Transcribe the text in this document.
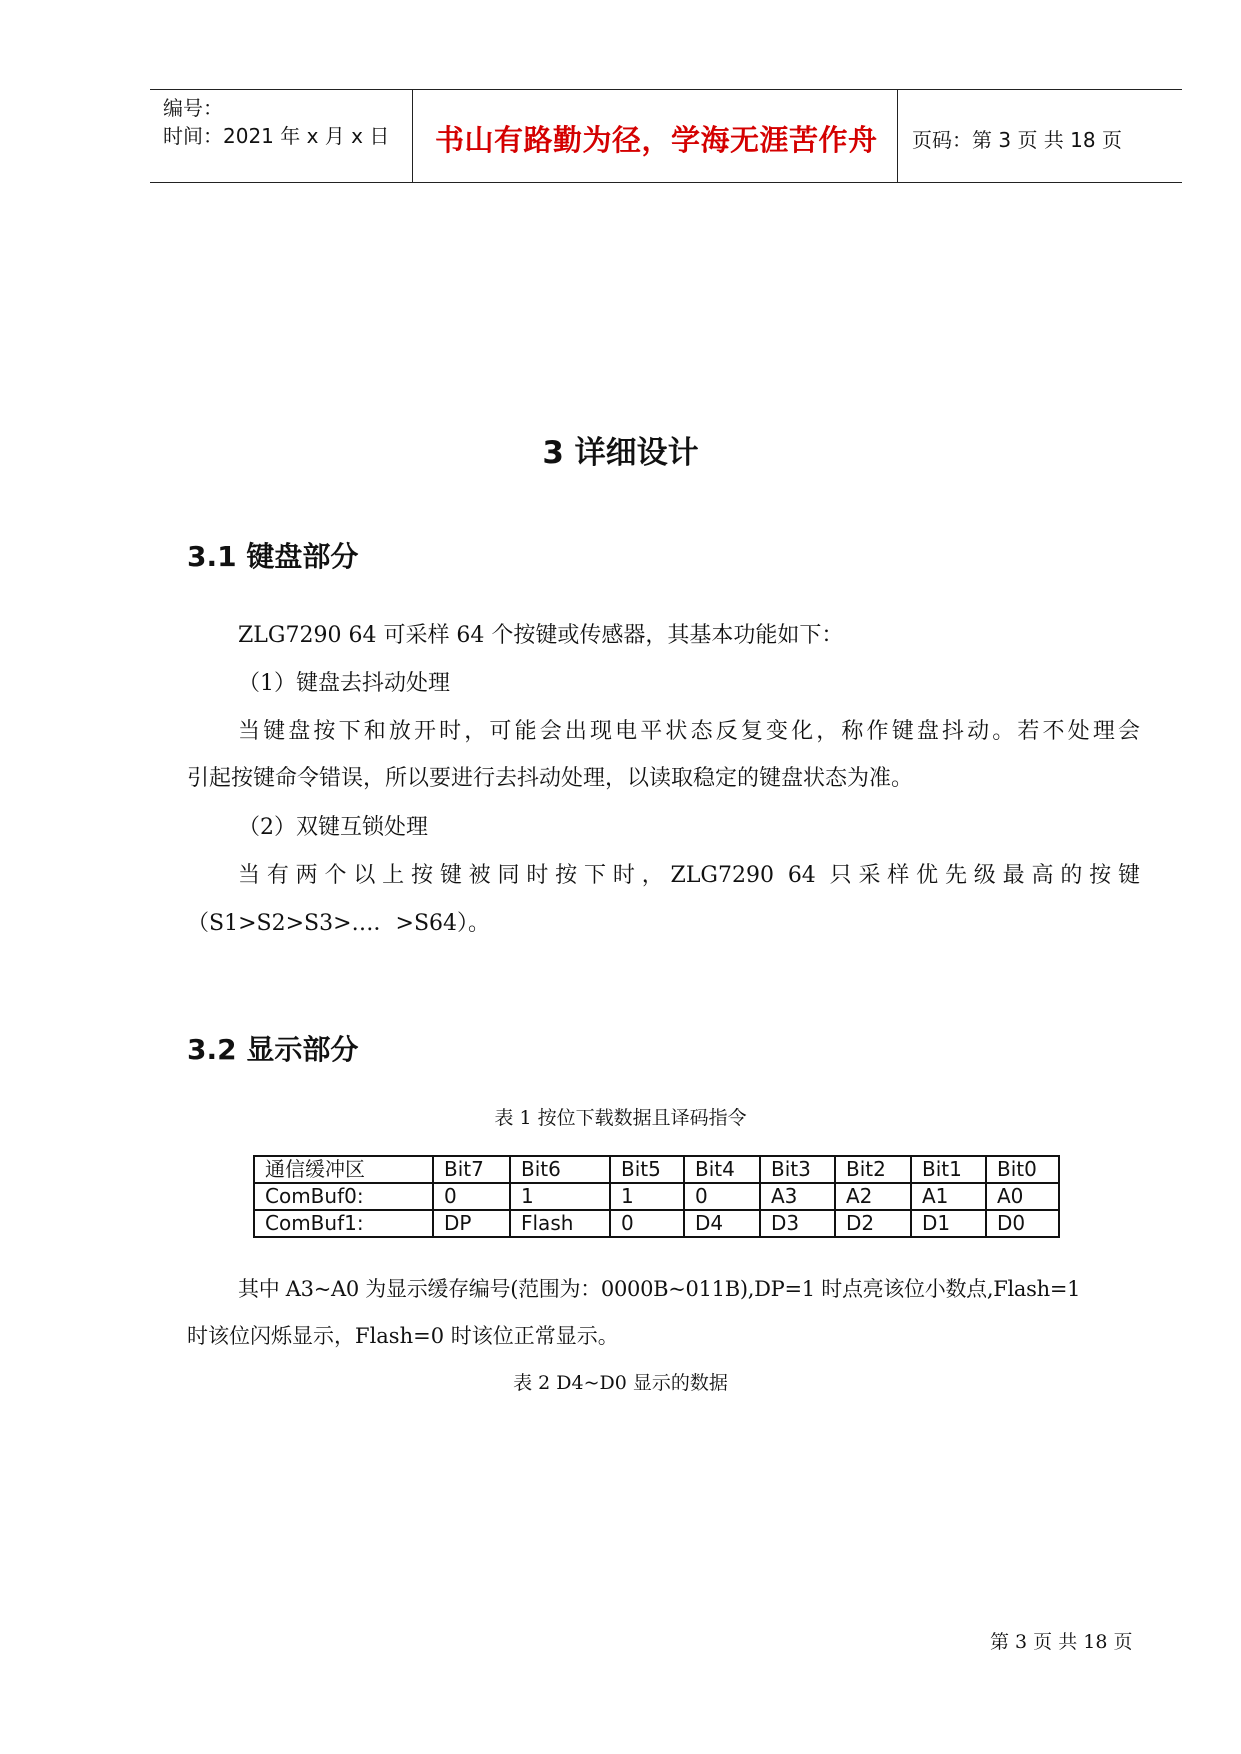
编号：
时间：2021 年 x 月 x 日 书山有路勤为径，学海无涯苦作舟 页码：第 3 页 共 18 页
3 详细设计
3.1 键盘部分
ZLG7290 64 可采样 64 个按键或传感器，其基本功能如下：
（1）键盘去抖动处理
当键盘按下和放开时，可能会出现电平状态反复变化，称作键盘抖动。若不处理会
引起按键命令错误，所以要进行去抖动处理，以读取稳定的键盘状态为准。
（2）双键互锁处理
当有两个以上按键被同时按下时，ZLG7290 64 只采样优先级最高的按键
（S1>S2>S3>…．>S64）。
3.2 显示部分
表 1 按位下载数据且译码指令
通信缓冲区	Bit7	Bit6	Bit5	Bit4	Bit3	Bit2	Bit1	Bit0
ComBuf0:	0	1	1	0	A3	A2	A1	A0
ComBuf1:	DP	Flash	0	D4	D3	D2	D1	D0
其中 A3~A0 为显示缓存编号(范围为：0000B~011B),DP=1 时点亮该位小数点,Flash=1
时该位闪烁显示，Flash=0 时该位正常显示。
表 2 D4~D0 显示的数据
第 3 页 共 18 页
